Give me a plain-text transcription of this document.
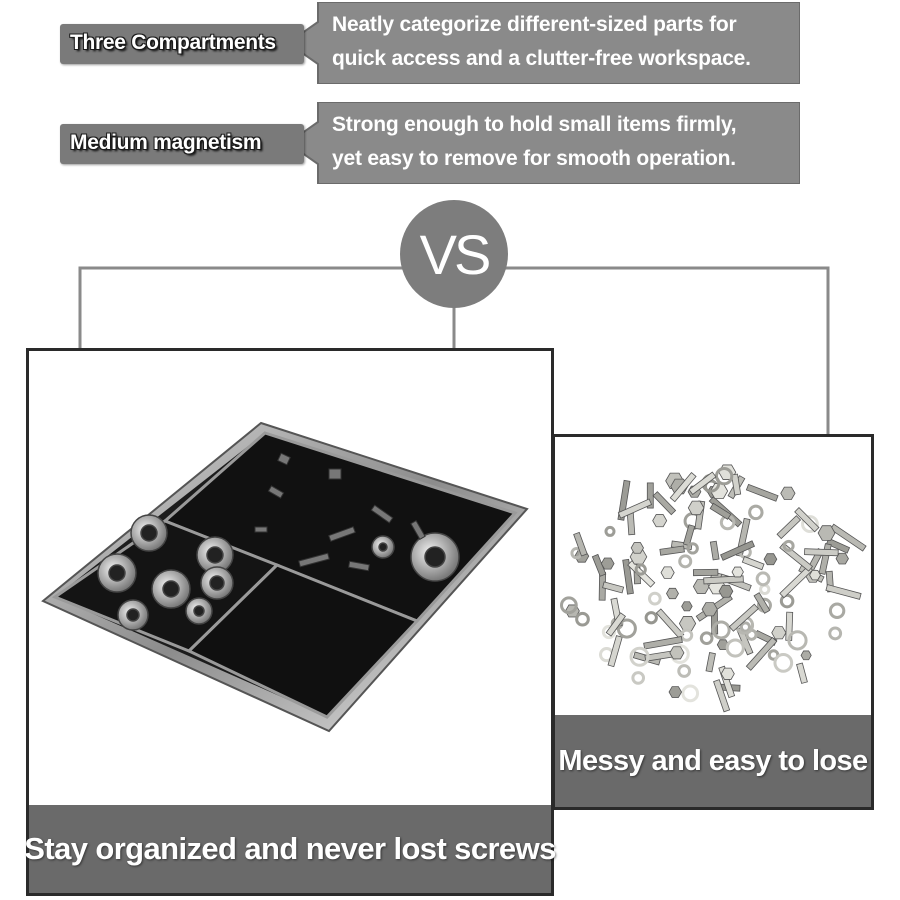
Three Compartments
Neatly categorize different-sized parts for
quick access and a clutter-free workspace.
Medium magnetism
Strong enough to hold small items firmly,
yet easy to remove for smooth operation.
VS
Stay organized and never lost screws
Messy and easy to lose
